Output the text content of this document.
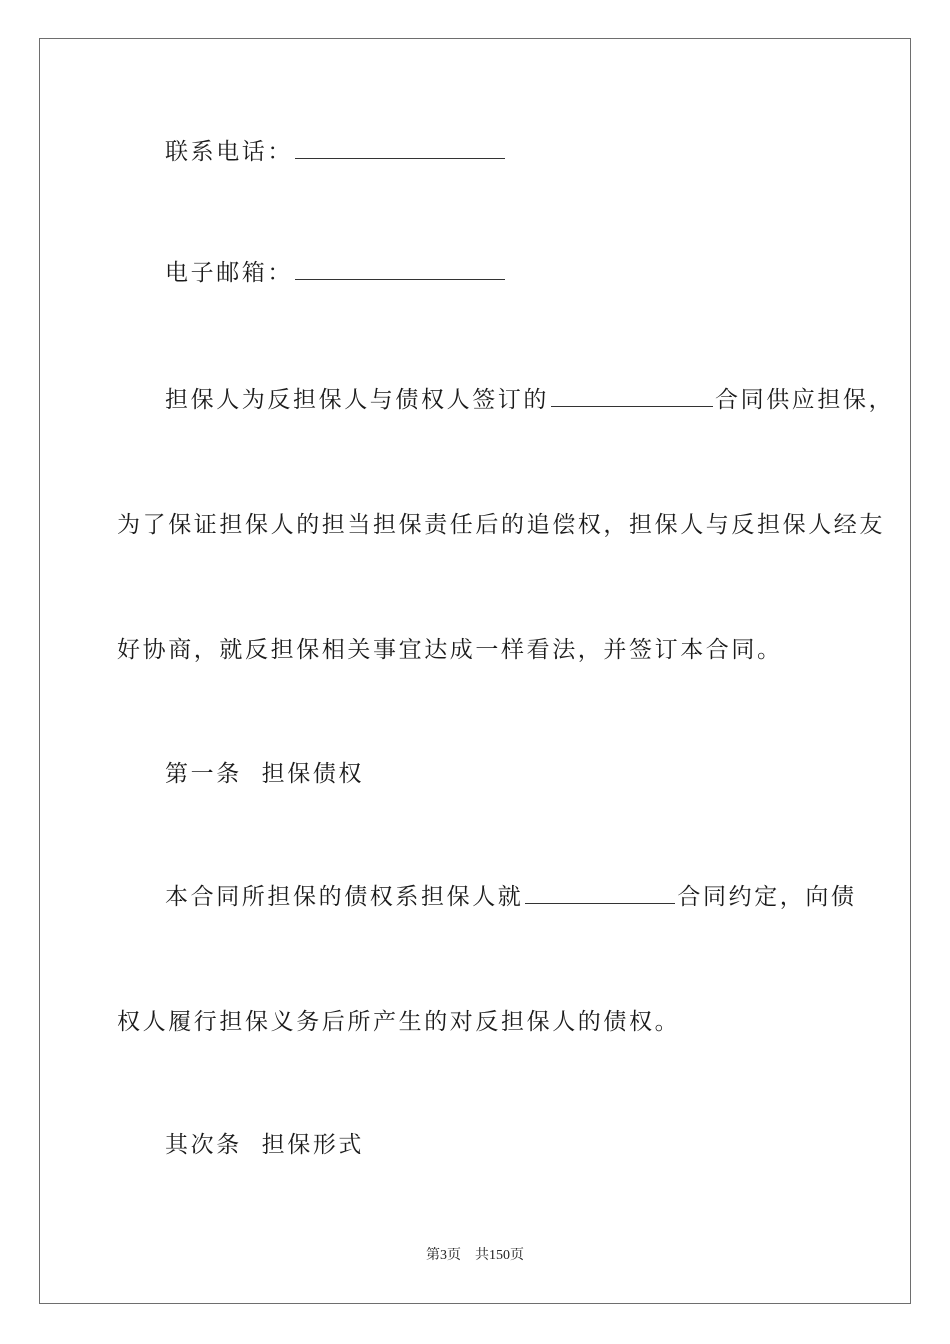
联系电话：
电子邮箱：
担保人为反担保人与债权人签订的	合同供应担保，
为了保证担保人的担当担保责任后的追偿权，担保人与反担保人经友
好协商，就反担保相关事宜达成一样看法，并签订本合同。
第一条  担保债权
本合同所担保的债权系担保人就	合同约定，向债
权人履行担保义务后所产生的对反担保人的债权。
其次条  担保形式
第3页 共150页
